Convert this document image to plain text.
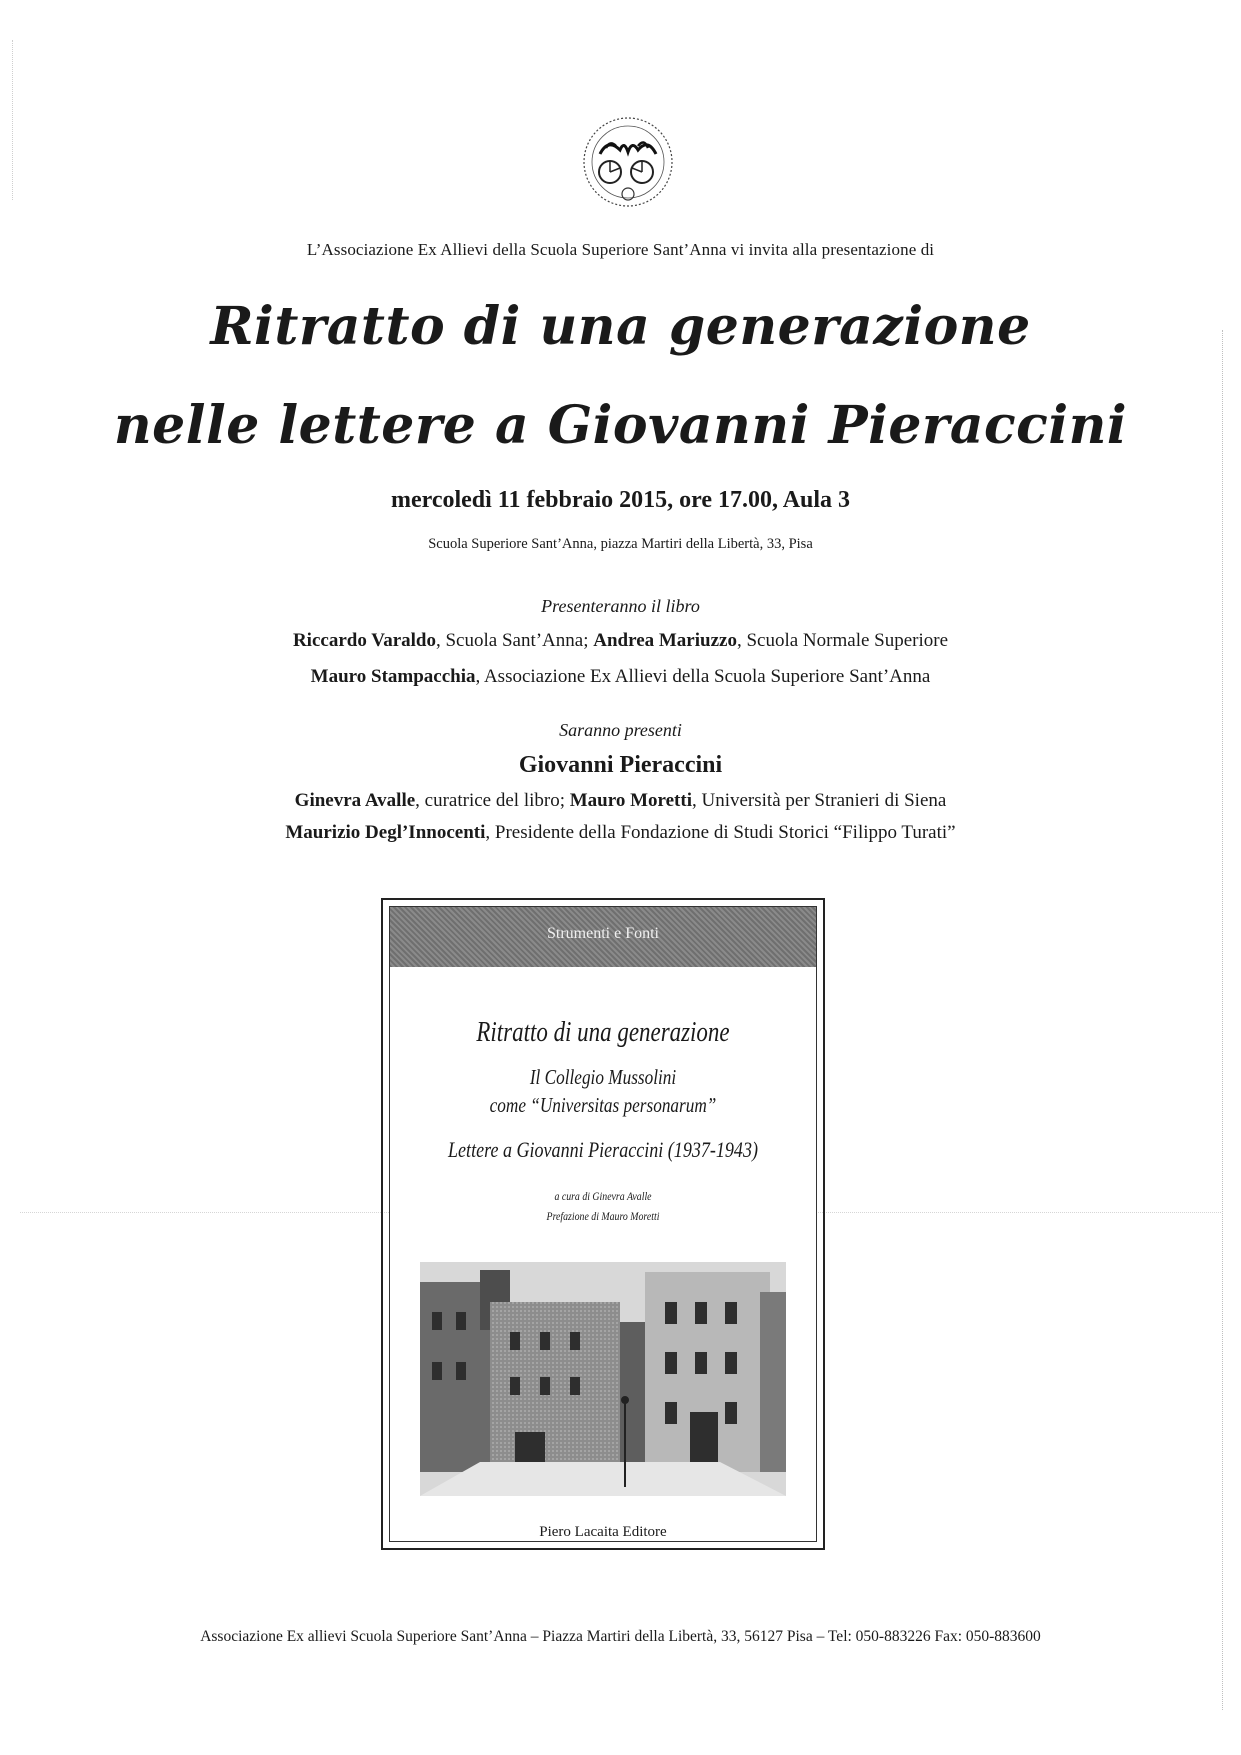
L’Associazione Ex Allievi della Scuola Superiore Sant’Anna vi invita alla presentazione di
Ritratto di una generazione
nelle lettere a Giovanni Pieraccini
mercoledì 11 febbraio 2015, ore 17.00, Aula 3
Scuola Superiore Sant’Anna, piazza Martiri della Libertà, 33, Pisa
Presenteranno il libro
Riccardo Varaldo, Scuola Sant’Anna; Andrea Mariuzzo, Scuola Normale Superiore
Mauro Stampacchia, Associazione Ex Allievi della Scuola Superiore Sant’Anna
Saranno presenti
Giovanni Pieraccini
Ginevra Avalle, curatrice del libro; Mauro Moretti, Università per Stranieri di Siena
Maurizio Degl’Innocenti, Presidente della Fondazione di Studi Storici “Filippo Turati”
Strumenti e Fonti
Ritratto di una generazione
Il Collegio Mussolini
come “Universitas personarum”
Lettere a Giovanni Pieraccini (1937-1943)
a cura di Ginevra Avalle
Prefazione di Mauro Moretti
Piero Lacaita Editore
Associazione Ex allievi Scuola Superiore Sant’Anna – Piazza Martiri della Libertà, 33, 56127 Pisa – Tel: 050-883226 Fax: 050-883600
